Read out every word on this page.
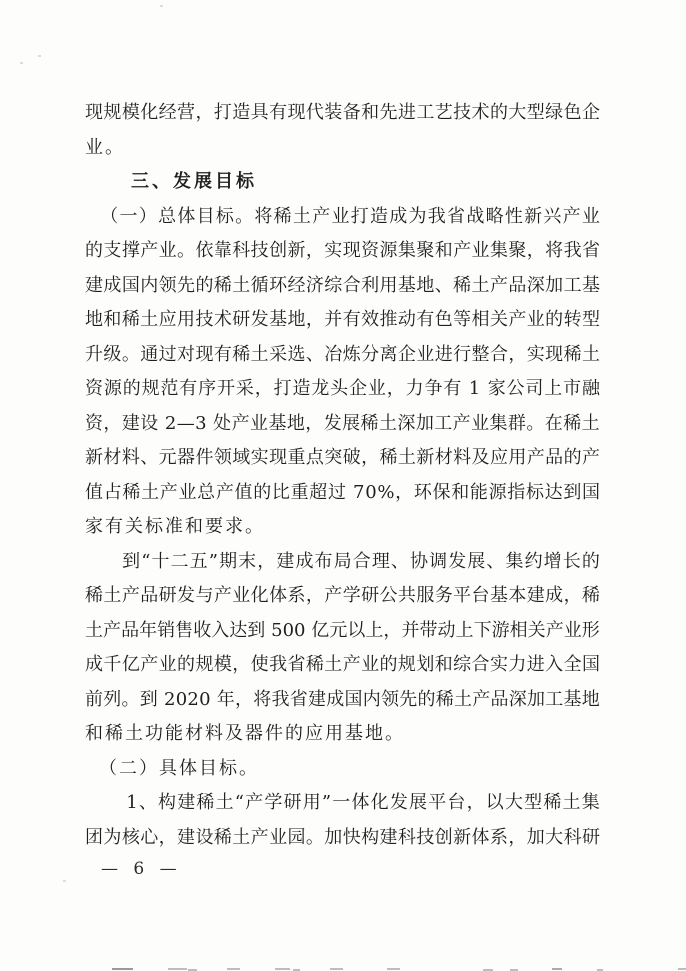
现 规 模 化 经 营 ， 打 造 具 有 现 代 装 备 和 先 进 工 艺 技 术 的 大 型 绿 色 企
业。
三、发展目标
（ 一 ） 总 体 目 标 。 将 稀 土 产 业 打 造 成 为 我 省 战 略 性 新 兴 产 业
的 支 撑 产 业 。 依 靠 科 技 创 新 ， 实 现 资 源 集 聚 和 产 业 集 聚 ， 将 我 省
建 成 国 内 领 先 的 稀 土 循 环 经 济 综 合 利 用 基 地 、 稀 土 产 品 深 加 工 基
地 和 稀 土 应 用 技 术 研 发 基 地 ， 并 有 效 推 动 有 色 等 相 关 产 业 的 转 型
升 级 。 通 过 对 现 有 稀 土 采 选 、 冶 炼 分 离 企 业 进 行 整 合 ， 实 现 稀 土
资 源 的 规 范 有 序 开 采 ， 打 造 龙 头 企 业 ， 力 争 有
1
家 公 司 上 市 融
资 ， 建 设
2 — 3
处 产 业 基 地 ， 发 展 稀 土 深 加 工 产 业 集 群 。 在 稀 土
新 材 料 、 元 器 件 领 域 实 现 重 点 突 破 ， 稀 土 新 材 料 及 应 用 产 品 的 产
值 占 稀 土 产 业 总 产 值 的 比 重 超 过
7 0 % ， 环 保 和 能 源 指 标 达 到 国
家有关标准和要求。
到 “ 十 二 五 ” 期 末 ， 建 成 布 局 合 理 、 协 调 发 展 、 集 约 增 长 的
稀 土 产 品 研 发 与 产 业 化 体 系 ， 产 学 研 公 共 服 务 平 台 基 本 建 成 ， 稀
土 产 品 年 销 售 收 入 达 到
5 0 0
亿 元 以 上 ， 并 带 动 上 下 游 相 关 产 业 形
成 千 亿 产 业 的 规 模 ， 使 我 省 稀 土 产 业 的 规 划 和 综 合 实 力 进 入 全 国
前 列 。 到
2 0 2 0
年 ， 将 我 省 建 成 国 内 领 先 的 稀 土 产 品 深 加 工 基 地
和稀土功能材料及器件的应用基地。
（二）具体目标。
1 、 构 建 稀 土 “ 产 学 研 用 ” 一 体 化 发 展 平 台 ， 以 大 型 稀 土 集
团 为 核 心 ， 建 设 稀 土 产 业 园 。 加 快 构 建 科 技 创 新 体 系 ， 加 大 科 研
— 6 —
